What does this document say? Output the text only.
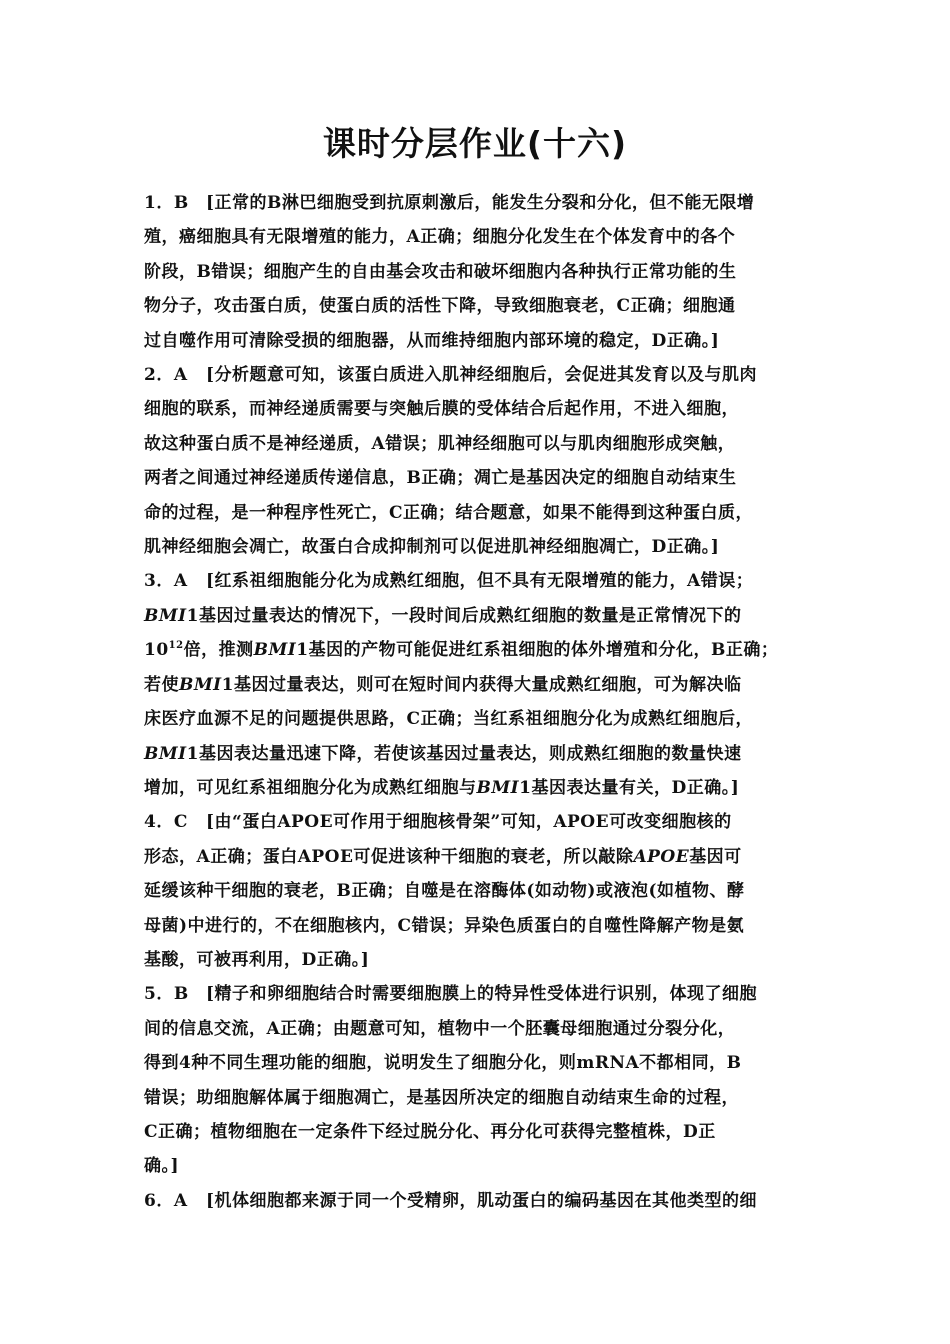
课时分层作业(十六)
1．B [正常的B淋巴细胞受到抗原刺激后，能发生分裂和分化，但不能无限增
殖，癌细胞具有无限增殖的能力，A正确；细胞分化发生在个体发育中的各个
阶段，B错误；细胞产生的自由基会攻击和破坏细胞内各种执行正常功能的生
物分子，攻击蛋白质，使蛋白质的活性下降，导致细胞衰老，C正确；细胞通
过自噬作用可清除受损的细胞器，从而维持细胞内部环境的稳定，D正确。]
2．A [分析题意可知，该蛋白质进入肌神经细胞后，会促进其发育以及与肌肉
细胞的联系，而神经递质需要与突触后膜的受体结合后起作用，不进入细胞，
故这种蛋白质不是神经递质，A错误；肌神经细胞可以与肌肉细胞形成突触，
两者之间通过神经递质传递信息，B正确；凋亡是基因决定的细胞自动结束生
命的过程，是一种程序性死亡，C正确；结合题意，如果不能得到这种蛋白质，
肌神经细胞会凋亡，故蛋白合成抑制剂可以促进肌神经细胞凋亡，D正确。]
3．A [红系祖细胞能分化为成熟红细胞，但不具有无限增殖的能力，A错误；
BMI1基因过量表达的情况下，一段时间后成熟红细胞的数量是正常情况下的
$10^{12}$倍，推测BMI1基因的产物可能促进红系祖细胞的体外增殖和分化，B正确；
若使BMI1基因过量表达，则可在短时间内获得大量成熟红细胞，可为解决临
床医疗血源不足的问题提供思路，C正确；当红系祖细胞分化为成熟红细胞后，
BMI1基因表达量迅速下降，若使该基因过量表达，则成熟红细胞的数量快速
增加，可见红系祖细胞分化为成熟红细胞与BMI1基因表达量有关，D正确。]
4．C [由“蛋白APOE可作用于细胞核骨架”可知，APOE可改变细胞核的
形态，A正确；蛋白APOE可促进该种干细胞的衰老，所以敲除APOE基因可
延缓该种干细胞的衰老，B正确；自噬是在溶酶体(如动物)或液泡(如植物、酵
母菌)中进行的，不在细胞核内，C错误；异染色质蛋白的自噬性降解产物是氨
基酸，可被再利用，D正确。]
5．B [精子和卵细胞结合时需要细胞膜上的特异性受体进行识别，体现了细胞
间的信息交流，A正确；由题意可知，植物中一个胚囊母细胞通过分裂分化，
得到4种不同生理功能的细胞，说明发生了细胞分化，则mRNA不都相同，B
错误；助细胞解体属于细胞凋亡，是基因所决定的细胞自动结束生命的过程，
C正确；植物细胞在一定条件下经过脱分化、再分化可获得完整植株，D正
确。]
6．A [机体细胞都来源于同一个受精卵，肌动蛋白的编码基因在其他类型的细
